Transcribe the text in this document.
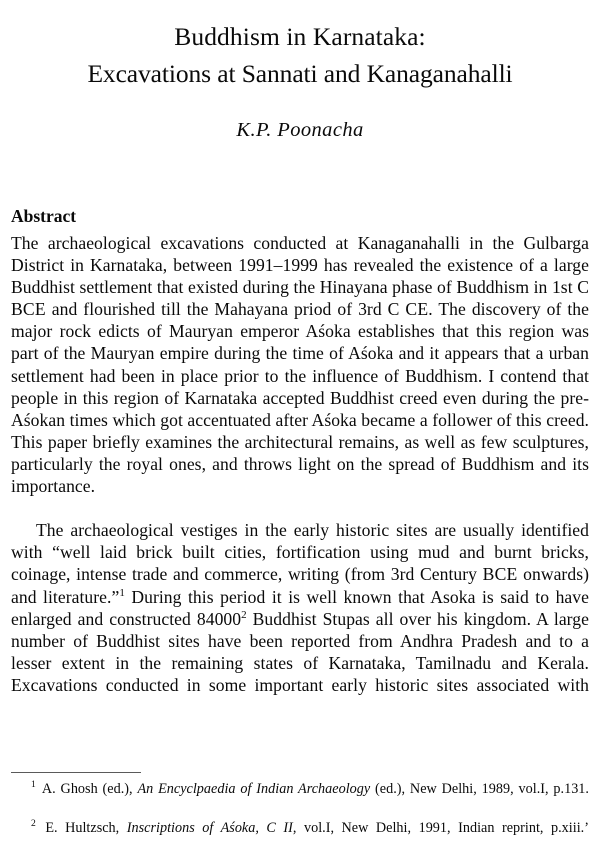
Buddhism in Karnataka:
Excavations at Sannati and Kanaganahalli
K.P. Poonacha
Abstract

The archaeological excavations conducted at Kanaganahalli in the Gulbarga District in Karnataka, between 1991–1999 has revealed the existence of a large Buddhist settlement that existed during the Hinayana phase of Buddhism in 1st C BCE and flourished till the Mahayana priod of 3rd C CE. The discovery of the major rock edicts of Mauryan emperor Aśoka establishes that this region was part of the Mauryan empire during the time of Aśoka and it appears that a urban settlement had been in place prior to the influence of Buddhism. I contend that people in this region of Karnataka accepted Buddhist creed even during the pre-Aśokan times which got accentuated after Aśoka became a follower of this creed. This paper briefly examines the architectural remains, as well as few sculptures, particularly the royal ones, and throws light on the spread of Buddhism and its importance.

The archaeological vestiges in the early historic sites are usually identified with “well laid brick built cities, fortification using mud and burnt bricks, coinage, intense trade and commerce, writing (from 3rd Century BCE onwards) and literature.”$^1$ During this period it is well known that Asoka is said to have enlarged and constructed 84000$^2$ Buddhist Stupas all over his kingdom. A large number of Buddhist sites have been reported from Andhra Pradesh and to a lesser extent in the remaining states of Karnataka, Tamilnadu and Kerala. Excavations conducted in some important early historic sites associated with

$^1$ A. Ghosh (ed.), An Encyclpaedia of Indian Archaeology (ed.), New Delhi, 1989, vol.I, p.131.

$^2$ E. Hultzsch, Inscriptions of Aśoka, C II, vol.I, New Delhi, 1991, Indian reprint, p.xiii.’
